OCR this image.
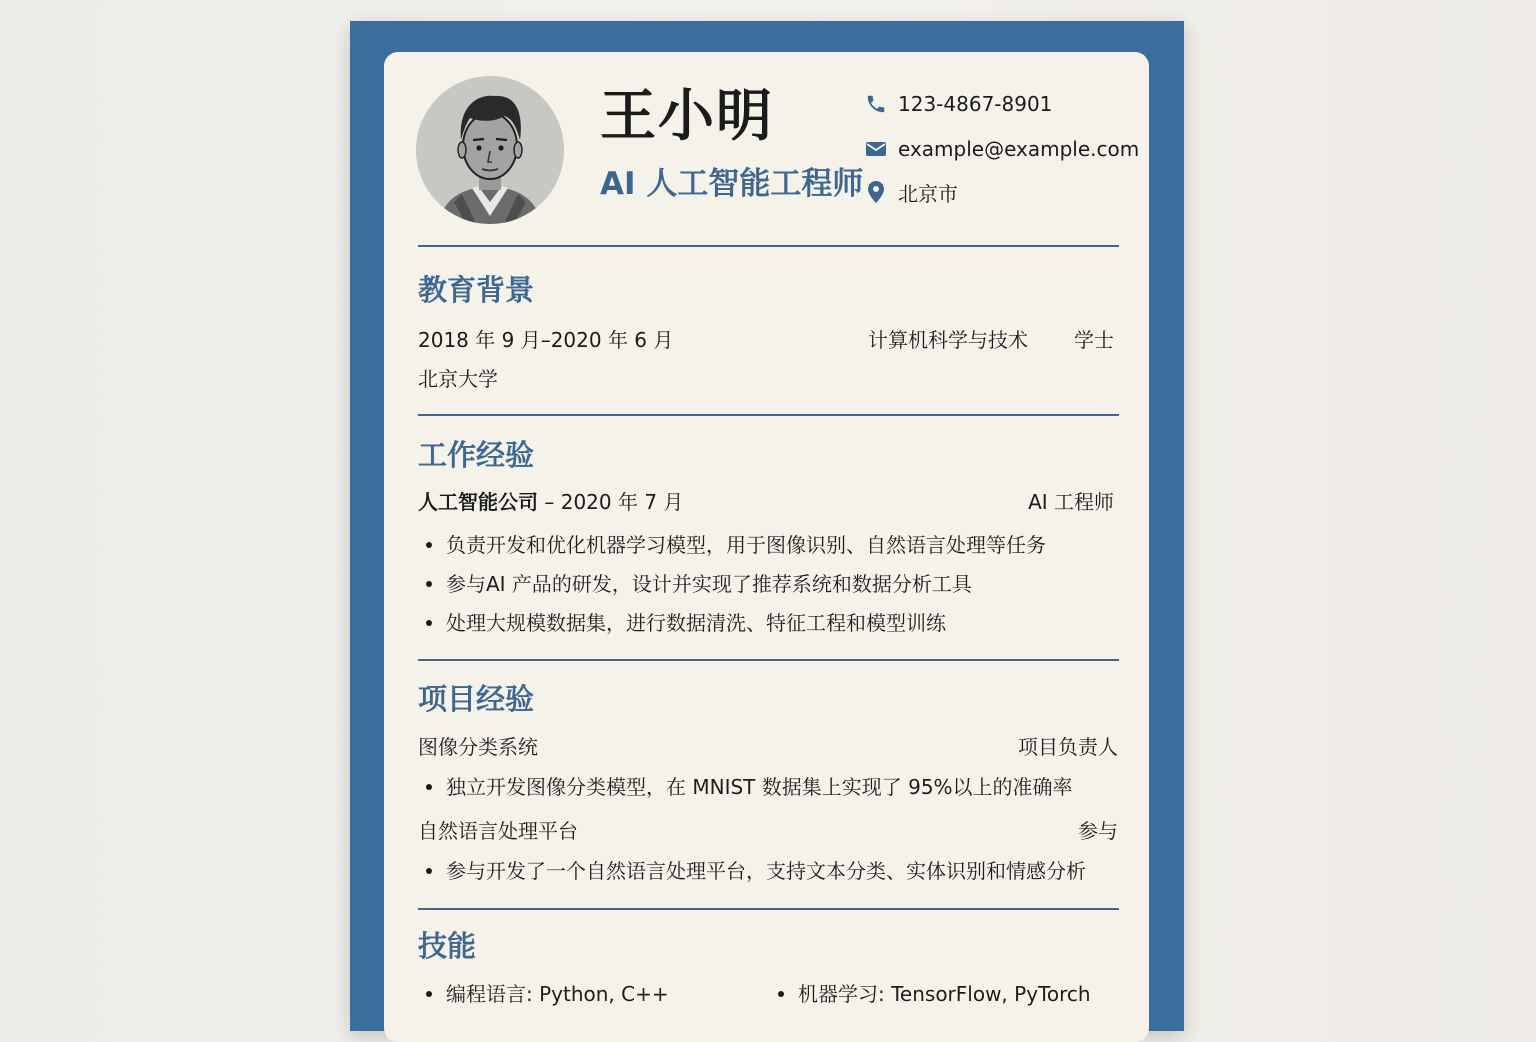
王小明
AI 人工智能工程师
123-4867-8901
example@example.com
北京市
教育背景
2018 年 9 月–2020 年 6 月	计算机科学与技术	学士
北京大学
工作经验
人工智能公司 – 2020 年 7 月	AI 工程师
负责开发和优化机器学习模型，用于图像识别、自然语言处理等任务
参与AI 产品的研发，设计并实现了推荐系统和数据分析工具
处理大规模数据集，进行数据清洗、特征工程和模型训练
项目经验
图像分类系统	项目负责人
独立开发图像分类模型，在 MNIST 数据集上实现了 95%以上的准确率
自然语言处理平台	参与
参与开发了一个自然语言处理平台，支持文本分类、实体识别和情感分析
技能
编程语言: Python, C++	机器学习: TensorFlow, PyTorch
